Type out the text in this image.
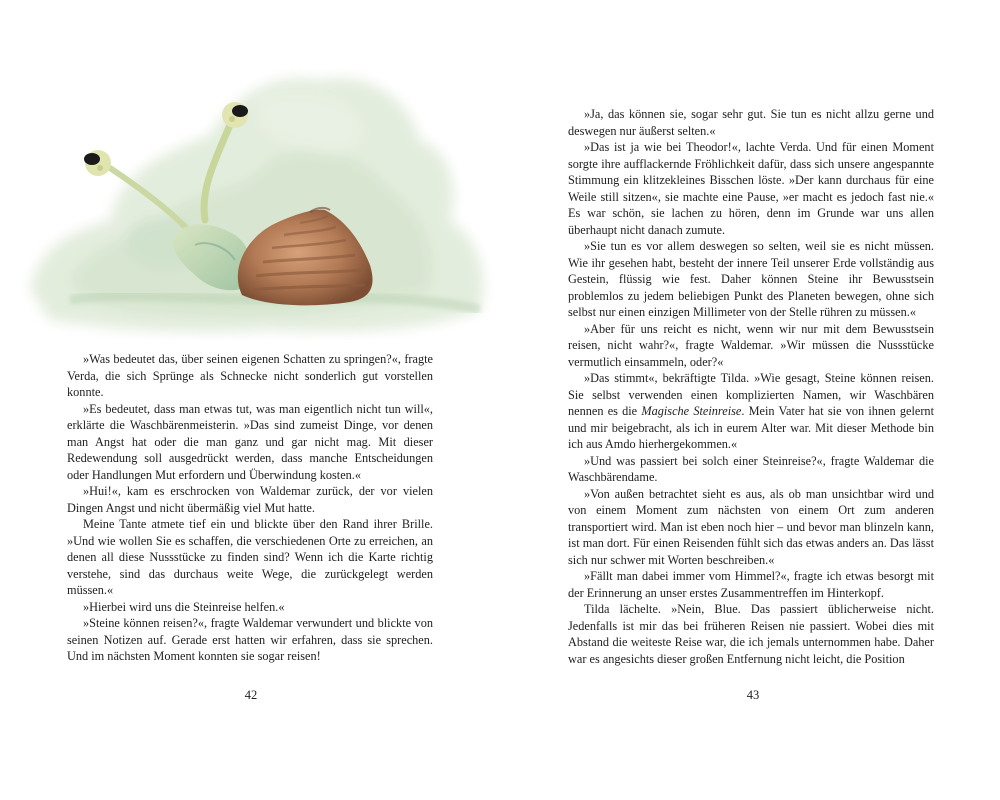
»Was bedeutet das, über seinen eigenen Schatten zu springen?«, fragte Verda, die sich Sprünge als Schnecke nicht sonderlich gut vorstellen konnte.

»Es bedeutet, dass man etwas tut, was man eigentlich nicht tun will«, erklärte die Waschbärenmeisterin. »Das sind zumeist Dinge, vor denen man Angst hat oder die man ganz und gar nicht mag. Mit dieser Redewendung soll ausgedrückt werden, dass manche Entscheidungen oder Handlungen Mut erfordern und Überwindung kosten.«

»Hui!«, kam es erschrocken von Waldemar zurück, der vor vielen Dingen Angst und nicht übermäßig viel Mut hatte.

Meine Tante atmete tief ein und blickte über den Rand ihrer Brille. »Und wie wollen Sie es schaffen, die verschiedenen Orte zu erreichen, an denen all diese Nussstücke zu finden sind? Wenn ich die Karte richtig verstehe, sind das durchaus weite Wege, die zurückgelegt werden müssen.«

»Hierbei wird uns die Steinreise helfen.«

»Steine können reisen?«, fragte Waldemar verwundert und blickte von seinen Notizen auf. Gerade erst hatten wir erfahren, dass sie sprechen. Und im nächsten Moment konnten sie sogar reisen!

42

»Ja, das können sie, sogar sehr gut. Sie tun es nicht allzu gerne und deswegen nur äußerst selten.«

»Das ist ja wie bei Theodor!«, lachte Verda. Und für einen Moment sorgte ihre aufflackernde Fröhlichkeit dafür, dass sich unsere angespannte Stimmung ein klitzekleines Bisschen löste. »Der kann durchaus für eine Weile still sitzen«, sie machte eine Pause, »er macht es jedoch fast nie.« Es war schön, sie lachen zu hören, denn im Grunde war uns allen überhaupt nicht danach zumute.

»Sie tun es vor allem deswegen so selten, weil sie es nicht müssen. Wie ihr gesehen habt, besteht der innere Teil unserer Erde vollständig aus Gestein, flüssig wie fest. Daher können Steine ihr Bewusstsein problemlos zu jedem beliebigen Punkt des Planeten bewegen, ohne sich selbst nur einen einzigen Millimeter von der Stelle rühren zu müssen.«

»Aber für uns reicht es nicht, wenn wir nur mit dem Bewusstsein reisen, nicht wahr?«, fragte Waldemar. »Wir müssen die Nussstücke vermutlich einsammeln, oder?«

»Das stimmt«, bekräftigte Tilda. »Wie gesagt, Steine können reisen. Sie selbst verwenden einen komplizierten Namen, wir Waschbären nennen es die Magische Steinreise. Mein Vater hat sie von ihnen gelernt und mir beigebracht, als ich in eurem Alter war. Mit dieser Methode bin ich aus Amdo hierhergekommen.«

»Und was passiert bei solch einer Steinreise?«, fragte Waldemar die Waschbärendame.

»Von außen betrachtet sieht es aus, als ob man unsichtbar wird und von einem Moment zum nächsten von einem Ort zum anderen transportiert wird. Man ist eben noch hier – und bevor man blinzeln kann, ist man dort. Für einen Reisenden fühlt sich das etwas anders an. Das lässt sich nur schwer mit Worten beschreiben.«

»Fällt man dabei immer vom Himmel?«, fragte ich etwas besorgt mit der Erinnerung an unser erstes Zusammentreffen im Hinterkopf.

Tilda lächelte. »Nein, Blue. Das passiert üblicherweise nicht. Jedenfalls ist mir das bei früheren Reisen nie passiert. Wobei dies mit Abstand die weiteste Reise war, die ich jemals unternommen habe. Daher war es angesichts dieser großen Entfernung nicht leicht, die Position

43
